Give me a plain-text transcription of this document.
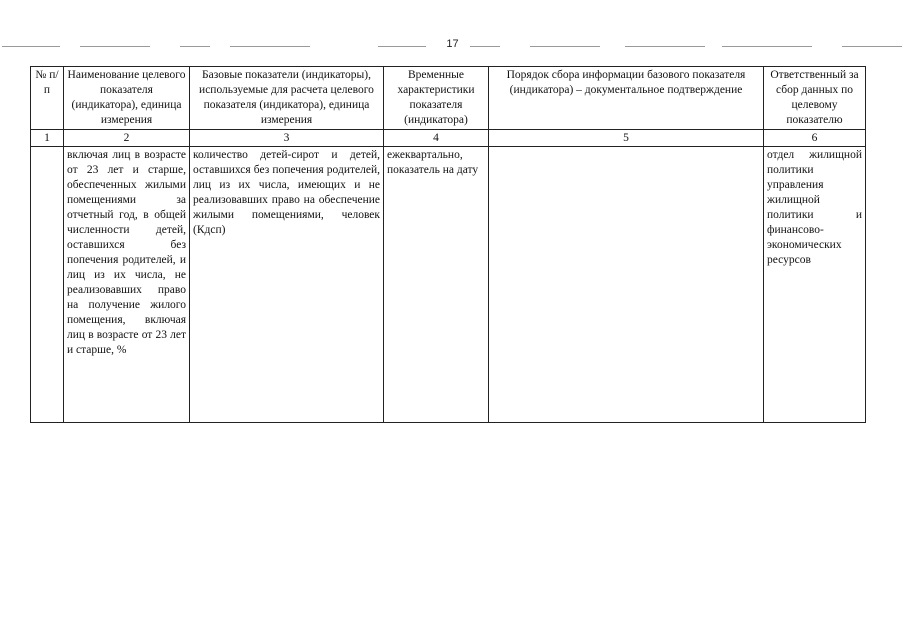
17
№ п/п	Наименование целевого показателя (индикатора), единица измерения	Базовые показатели (индикаторы), используемые для расчета целевого показателя (индикатора), единица измерения	Временные характеристики показателя (индикатора)	Порядок сбора информации базового показателя (индикатора) – документальное подтверждение	Ответственный за сбор данных по целевому показателю
1	2	3	4	5	6
	включая лиц в возрасте от 23 лет и старше, обеспеченных жилыми помещениями за отчетный год, в общей численности детей, оставшихся без попечения родителей, и лиц из их числа, не реализовавших право на получение жилого помещения, включая лиц в возрасте от 23 лет и старше, %	количество детей-сирот и детей, оставшихся без попечения родителей, лиц из их числа, имеющих и не реализовавших право на обеспечение жилыми помещениями, человек (Кдсп)	ежеквартально, показатель на дату		отдел жилищной политики управления жилищной политики и финансово-экономических ресурсов
